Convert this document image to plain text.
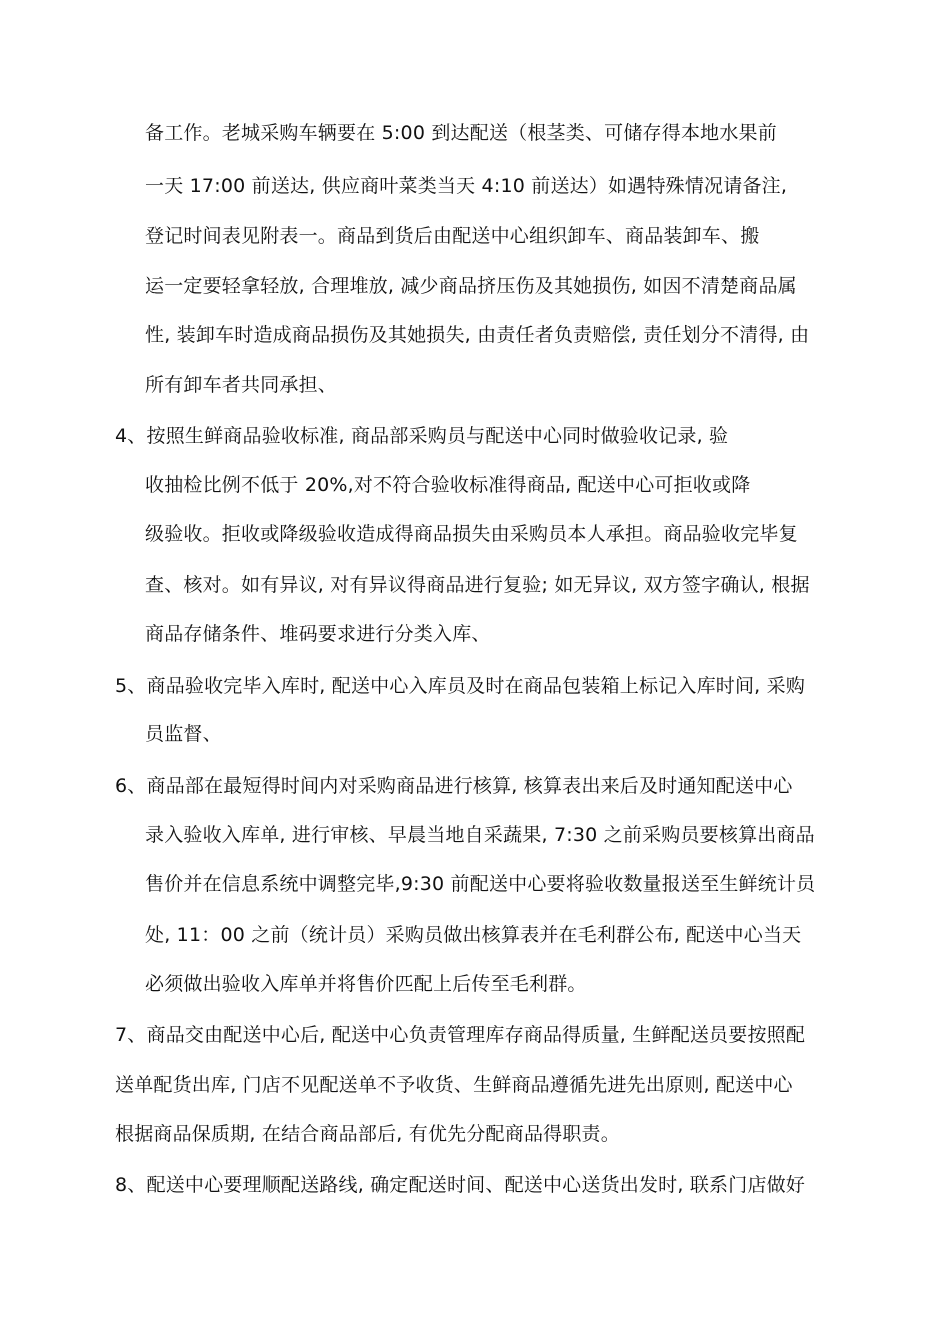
备工作。老城采购车辆要在 5:00 到达配送（根茎类、可储存得本地水果前
一天 17:00 前送达, 供应商叶菜类当天 4:10 前送达）如遇特殊情况请备注,
登记时间表见附表一。商品到货后由配送中心组织卸车、商品装卸车、搬
运一定要轻拿轻放, 合理堆放, 减少商品挤压伤及其她损伤, 如因不清楚商品属
性, 装卸车时造成商品损伤及其她损失, 由责任者负责赔偿, 责任划分不清得, 由
所有卸车者共同承担、
4、按照生鲜商品验收标准, 商品部采购员与配送中心同时做验收记录, 验
收抽检比例不低于 20%,对不符合验收标准得商品, 配送中心可拒收或降
级验收。拒收或降级验收造成得商品损失由采购员本人承担。商品验收完毕复
查、核对。如有异议, 对有异议得商品进行复验; 如无异议, 双方签字确认, 根据
商品存储条件、堆码要求进行分类入库、
5、商品验收完毕入库时, 配送中心入库员及时在商品包装箱上标记入库时间, 采购
员监督、
6、商品部在最短得时间内对采购商品进行核算, 核算表出来后及时通知配送中心
录入验收入库单, 进行审核、早晨当地自采蔬果, 7:30 之前采购员要核算出商品
售价并在信息系统中调整完毕,9:30 前配送中心要将验收数量报送至生鲜统计员
处, 11：00 之前（统计员）采购员做出核算表并在毛利群公布, 配送中心当天
必须做出验收入库单并将售价匹配上后传至毛利群。
7、商品交由配送中心后, 配送中心负责管理库存商品得质量, 生鲜配送员要按照配
送单配货出库, 门店不见配送单不予收货、生鲜商品遵循先进先出原则, 配送中心
根据商品保质期, 在结合商品部后, 有优先分配商品得职责。
8、配送中心要理顺配送路线, 确定配送时间、配送中心送货出发时, 联系门店做好
